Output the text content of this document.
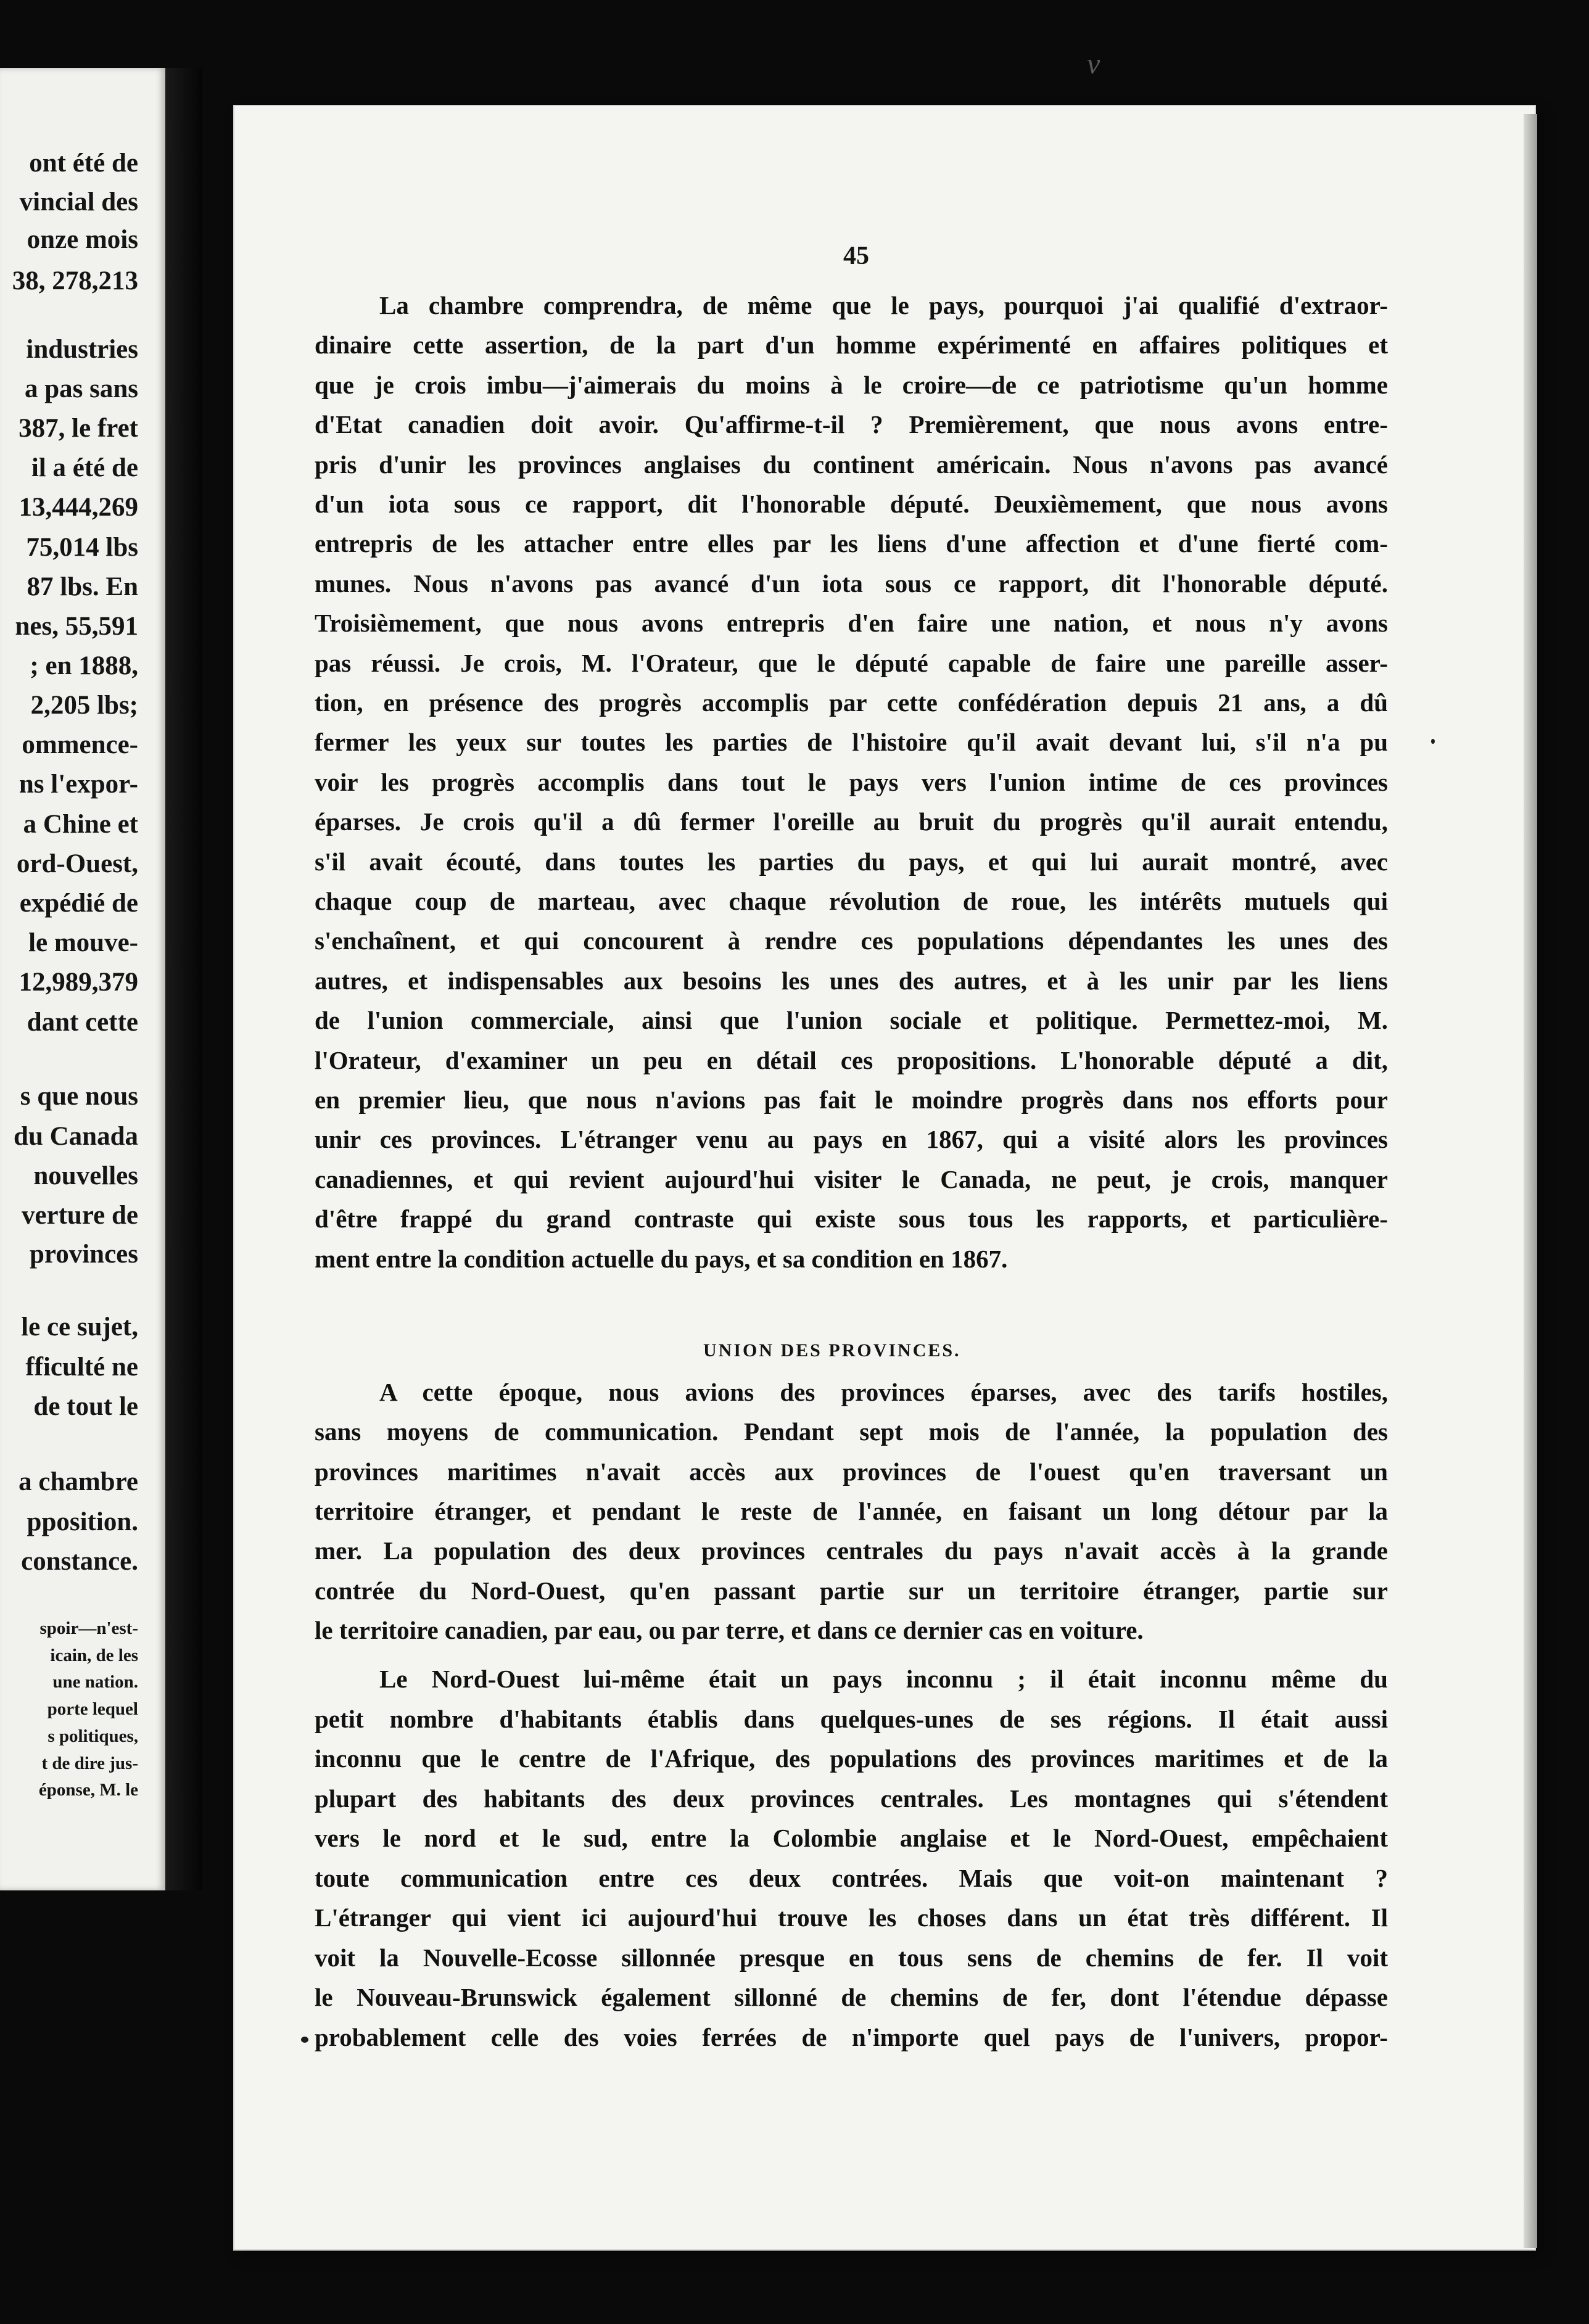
ont été de
vincial des
onze mois
38, 278,213
industries
a pas sans
387, le fret
il a été de
13,444,269
75,014 lbs
87 lbs. En
nes, 55,591
; en 1888,
2,205 lbs;
ommence-
ns l'expor-
a Chine et
ord-Ouest,
expédié de
le mouve-
12,989,379
dant cette
s que nous
du Canada
nouvelles
verture de
provinces
le ce sujet,
fficulté ne
de tout le
a chambre
pposition.
constance.
spoir—n'est-
icain, de les
une nation.
porte lequel
s politiques,
t de dire jus-
éponse, M. le
ν
45
La chambre comprendra, de même que le pays, pourquoi j'ai qualifié d'extraor-
dinaire cette assertion, de la part d'un homme expérimenté en affaires politiques et
que je crois imbu—j'aimerais du moins à le croire—de ce patriotisme qu'un homme
d'Etat canadien doit avoir. Qu'affirme-t-il ? Premièrement, que nous avons entre-
pris d'unir les provinces anglaises du continent américain. Nous n'avons pas avancé
d'un iota sous ce rapport, dit l'honorable député. Deuxièmement, que nous avons
entrepris de les attacher entre elles par les liens d'une affection et d'une fierté com-
munes. Nous n'avons pas avancé d'un iota sous ce rapport, dit l'honorable député.
Troisièmement, que nous avons entrepris d'en faire une nation, et nous n'y avons
pas réussi. Je crois, M. l'Orateur, que le député capable de faire une pareille asser-
tion, en présence des progrès accomplis par cette confédération depuis 21 ans, a dû
fermer les yeux sur toutes les parties de l'histoire qu'il avait devant lui, s'il n'a pu
voir les progrès accomplis dans tout le pays vers l'union intime de ces provinces
éparses. Je crois qu'il a dû fermer l'oreille au bruit du progrès qu'il aurait entendu,
s'il avait écouté, dans toutes les parties du pays, et qui lui aurait montré, avec
chaque coup de marteau, avec chaque révolution de roue, les intérêts mutuels qui
s'enchaînent, et qui concourent à rendre ces populations dépendantes les unes des
autres, et indispensables aux besoins les unes des autres, et à les unir par les liens
de l'union commerciale, ainsi que l'union sociale et politique. Permettez-moi, M.
l'Orateur, d'examiner un peu en détail ces propositions. L'honorable député a dit,
en premier lieu, que nous n'avions pas fait le moindre progrès dans nos efforts pour
unir ces provinces. L'étranger venu au pays en 1867, qui a visité alors les provinces
canadiennes, et qui revient aujourd'hui visiter le Canada, ne peut, je crois, manquer
d'être frappé du grand contraste qui existe sous tous les rapports, et particulière-
ment entre la condition actuelle du pays, et sa condition en 1867.
UNION DES PROVINCES.
A cette époque, nous avions des provinces éparses, avec des tarifs hostiles,
sans moyens de communication. Pendant sept mois de l'année, la population des
provinces maritimes n'avait accès aux provinces de l'ouest qu'en traversant un
territoire étranger, et pendant le reste de l'année, en faisant un long détour par la
mer. La population des deux provinces centrales du pays n'avait accès à la grande
contrée du Nord-Ouest, qu'en passant partie sur un territoire étranger, partie sur
le territoire canadien, par eau, ou par terre, et dans ce dernier cas en voiture.
Le Nord-Ouest lui-même était un pays inconnu ; il était inconnu même du
petit nombre d'habitants établis dans quelques-unes de ses régions. Il était aussi
inconnu que le centre de l'Afrique, des populations des provinces maritimes et de la
plupart des habitants des deux provinces centrales. Les montagnes qui s'étendent
vers le nord et le sud, entre la Colombie anglaise et le Nord-Ouest, empêchaient
toute communication entre ces deux contrées. Mais que voit-on maintenant ?
L'étranger qui vient ici aujourd'hui trouve les choses dans un état très différent. Il
voit la Nouvelle-Ecosse sillonnée presque en tous sens de chemins de fer. Il voit
le Nouveau-Brunswick également sillonné de chemins de fer, dont l'étendue dépasse
probablement celle des voies ferrées de n'importe quel pays de l'univers, propor-
